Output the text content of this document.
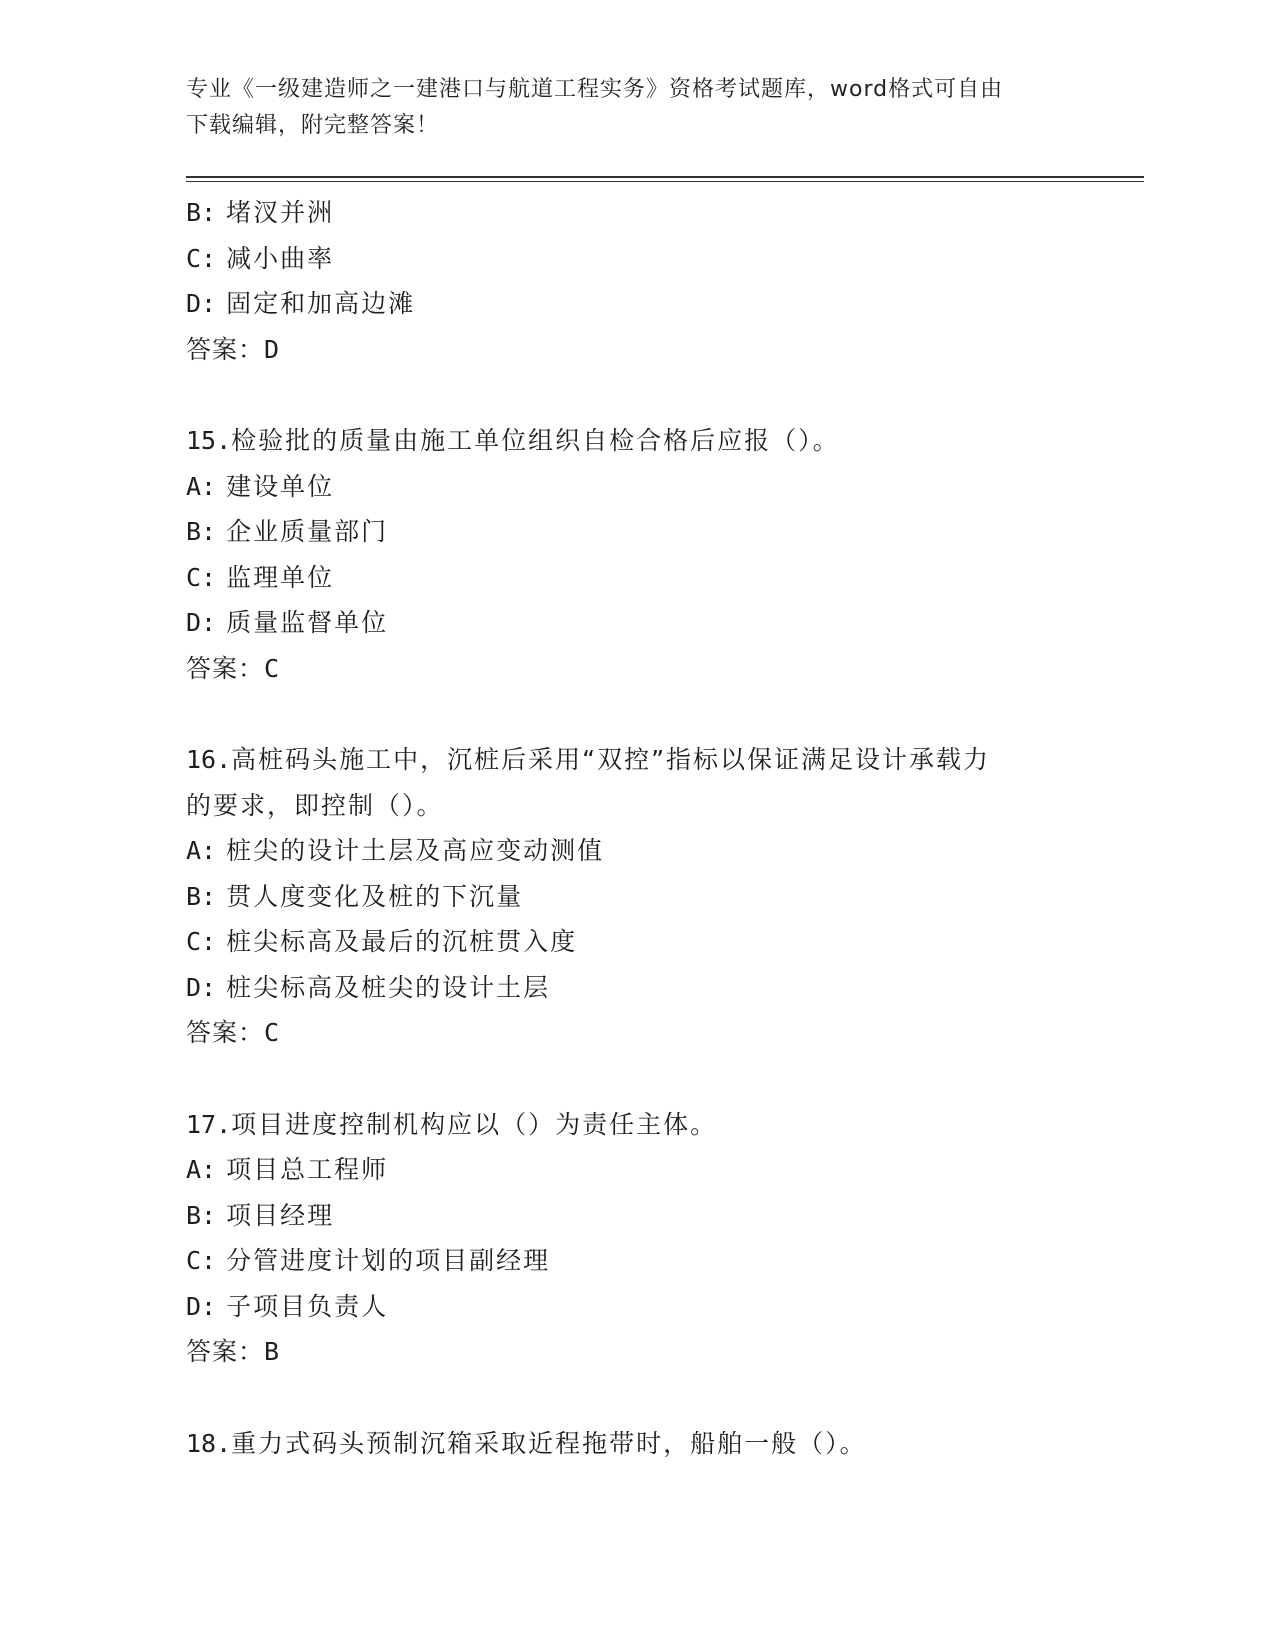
专业《一级建造师之一建港口与航道工程实务》资格考试题库，word格式可自由
下载编辑，附完整答案！
B: 堵汊并洲
C: 减小曲率
D: 固定和加高边滩
答案：D
15.检验批的质量由施工单位组织自检合格后应报（）。
A: 建设单位
B: 企业质量部门
C: 监理单位
D: 质量监督单位
答案：C
16.高桩码头施工中，沉桩后采用“双控”指标以保证满足设计承载力
的要求，即控制（）。
A: 桩尖的设计土层及高应变动测值
B: 贯人度变化及桩的下沉量
C: 桩尖标高及最后的沉桩贯入度
D: 桩尖标高及桩尖的设计土层
答案：C
17.项目进度控制机构应以（）为责任主体。
A: 项目总工程师
B: 项目经理
C: 分管进度计划的项目副经理
D: 子项目负责人
答案：B
18.重力式码头预制沉箱采取近程拖带时，船舶一般（）。
